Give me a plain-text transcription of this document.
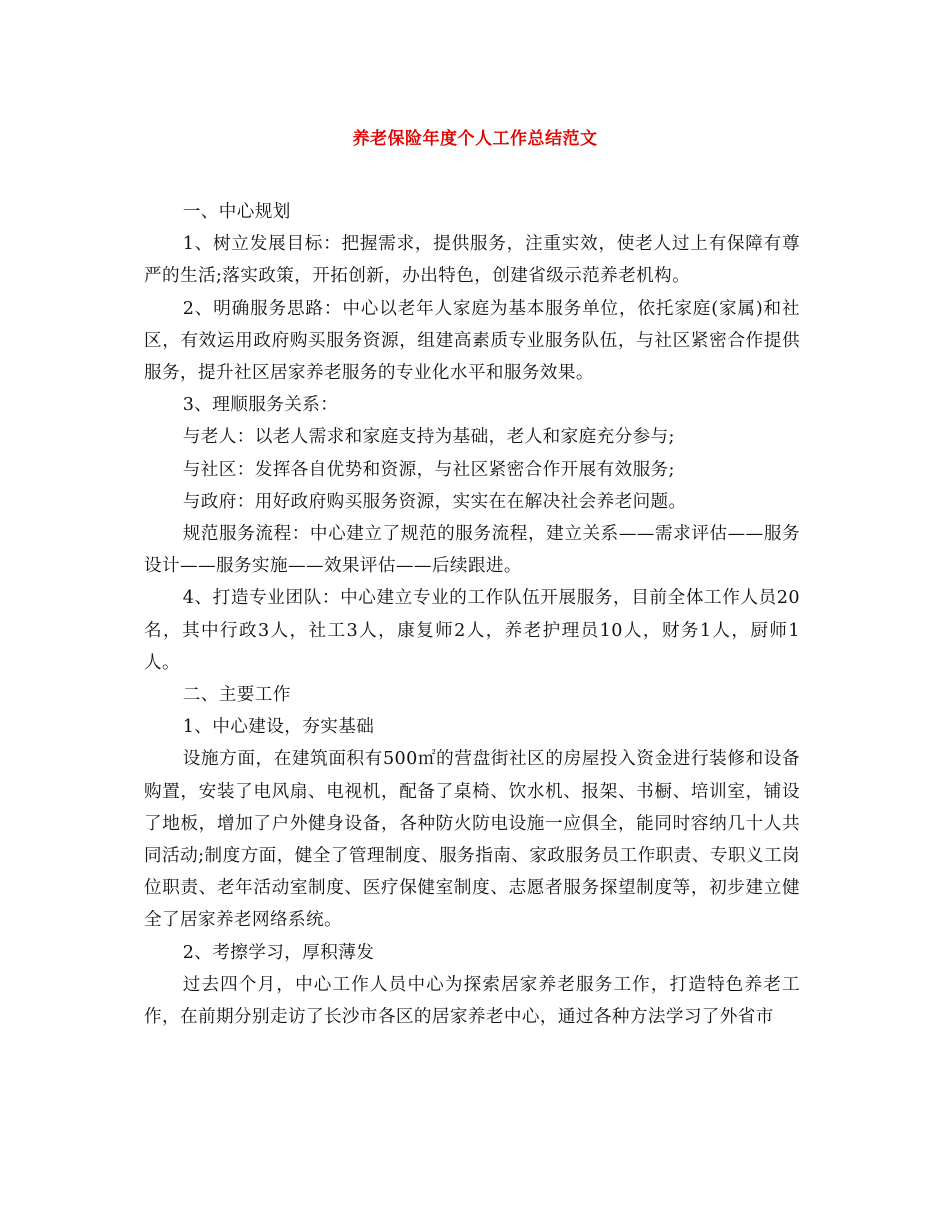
养老保险年度个人工作总结范文

一、中心规划

1、树立发展目标：把握需求，提供服务，注重实效，使老人过上有保障有尊严的生活;落实政策，开拓创新，办出特色，创建省级示范养老机构。

2、明确服务思路：中心以老年人家庭为基本服务单位，依托家庭(家属)和社区，有效运用政府购买服务资源，组建高素质专业服务队伍，与社区紧密合作提供服务，提升社区居家养老服务的专业化水平和服务效果。

3、理顺服务关系：

与老人：以老人需求和家庭支持为基础，老人和家庭充分参与;

与社区：发挥各自优势和资源，与社区紧密合作开展有效服务;

与政府：用好政府购买服务资源，实实在在解决社会养老问题。

规范服务流程：中心建立了规范的服务流程，建立关系——需求评估——服务设计——服务实施——效果评估——后续跟进。

4、打造专业团队：中心建立专业的工作队伍开展服务，目前全体工作人员20名，其中行政3人，社工3人，康复师2人，养老护理员10人，财务1人，厨师1人。

二、主要工作

1、中心建设，夯实基础

设施方面，在建筑面积有500㎡的营盘街社区的房屋投入资金进行装修和设备购置，安装了电风扇、电视机，配备了桌椅、饮水机、报架、书橱、培训室，铺设了地板，增加了户外健身设备，各种防火防电设施一应俱全，能同时容纳几十人共同活动;制度方面，健全了管理制度、服务指南、家政服务员工作职责、专职义工岗位职责、老年活动室制度、医疗保健室制度、志愿者服务探望制度等，初步建立健全了居家养老网络系统。

2、考擦学习，厚积薄发

过去四个月，中心工作人员中心为探索居家养老服务工作，打造特色养老工作，在前期分别走访了长沙市各区的居家养老中心，通过各种方法学习了外省市
